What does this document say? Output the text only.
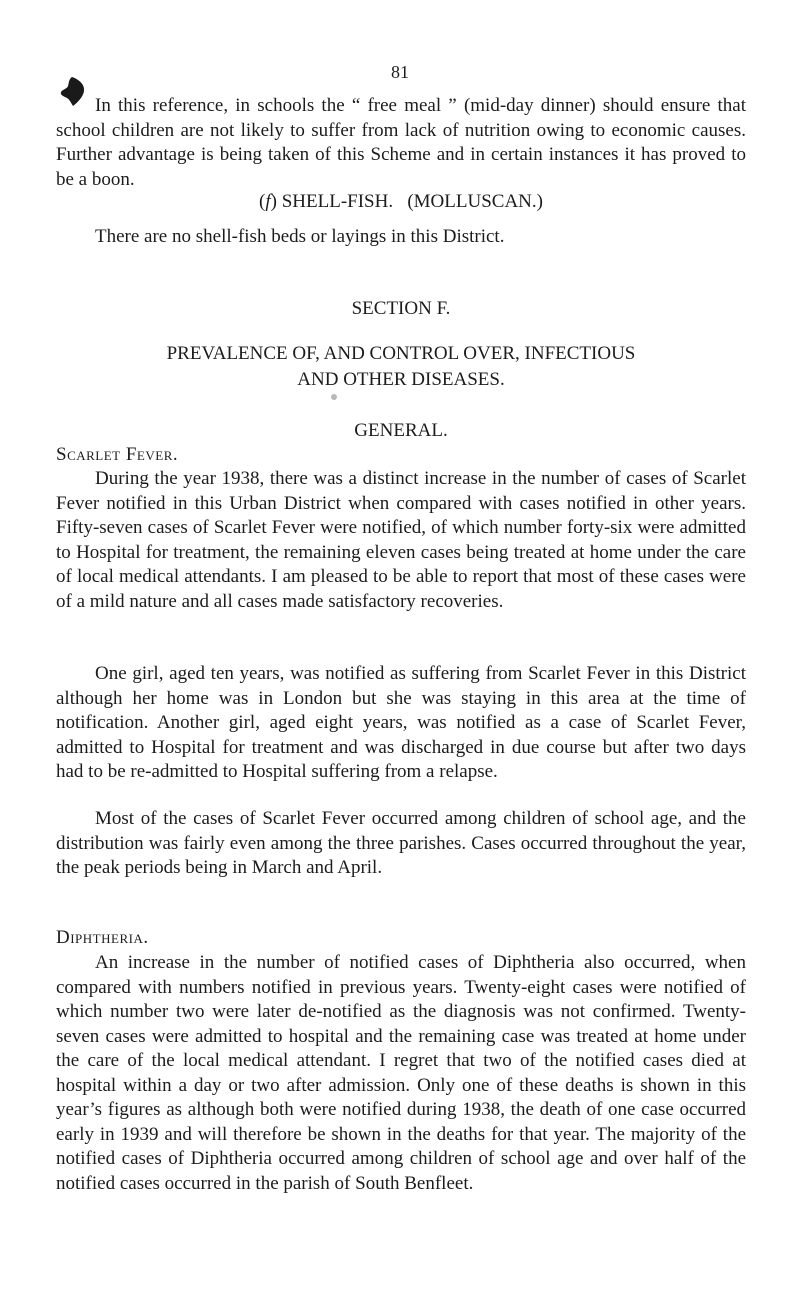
81
In this reference, in schools the “ free meal ” (mid-day dinner) should ensure that school children are not likely to suffer from lack of nutrition owing to economic causes. Further advantage is being taken of this Scheme and in certain instances it has proved to be a boon.
(f) SHELL-FISH.   (MOLLUSCAN.)
There are no shell-fish beds or layings in this District.
SECTION F.
PREVALENCE OF, AND CONTROL OVER, INFECTIOUS
AND OTHER DISEASES.
GENERAL.
Scarlet Fever.
During the year 1938, there was a distinct increase in the number of cases of Scarlet Fever notified in this Urban District when compared with cases notified in other years. Fifty-seven cases of Scarlet Fever were notified, of which number forty-six were admitted to Hospital for treatment, the remaining eleven cases being treated at home under the care of local medical attendants. I am pleased to be able to report that most of these cases were of a mild nature and all cases made satisfactory recoveries.
One girl, aged ten years, was notified as suffering from Scarlet Fever in this District although her home was in London but she was staying in this area at the time of notification. Another girl, aged eight years, was notified as a case of Scarlet Fever, admitted to Hospital for treatment and was discharged in due course but after two days had to be re-admitted to Hospital suffering from a relapse.
Most of the cases of Scarlet Fever occurred among children of school age, and the distribution was fairly even among the three parishes. Cases occurred throughout the year, the peak periods being in March and April.
Diphtheria.
An increase in the number of notified cases of Diphtheria also occurred, when compared with numbers notified in previous years. Twenty-eight cases were notified of which number two were later de-notified as the diagnosis was not confirmed. Twenty-seven cases were admitted to hospital and the remaining case was treated at home under the care of the local medical attendant. I regret that two of the notified cases died at hospital within a day or two after admission. Only one of these deaths is shown in this year’s figures as although both were notified during 1938, the death of one case occurred early in 1939 and will therefore be shown in the deaths for that year. The majority of the notified cases of Diphtheria occurred among children of school age and over half of the notified cases occurred in the parish of South Benfleet.
